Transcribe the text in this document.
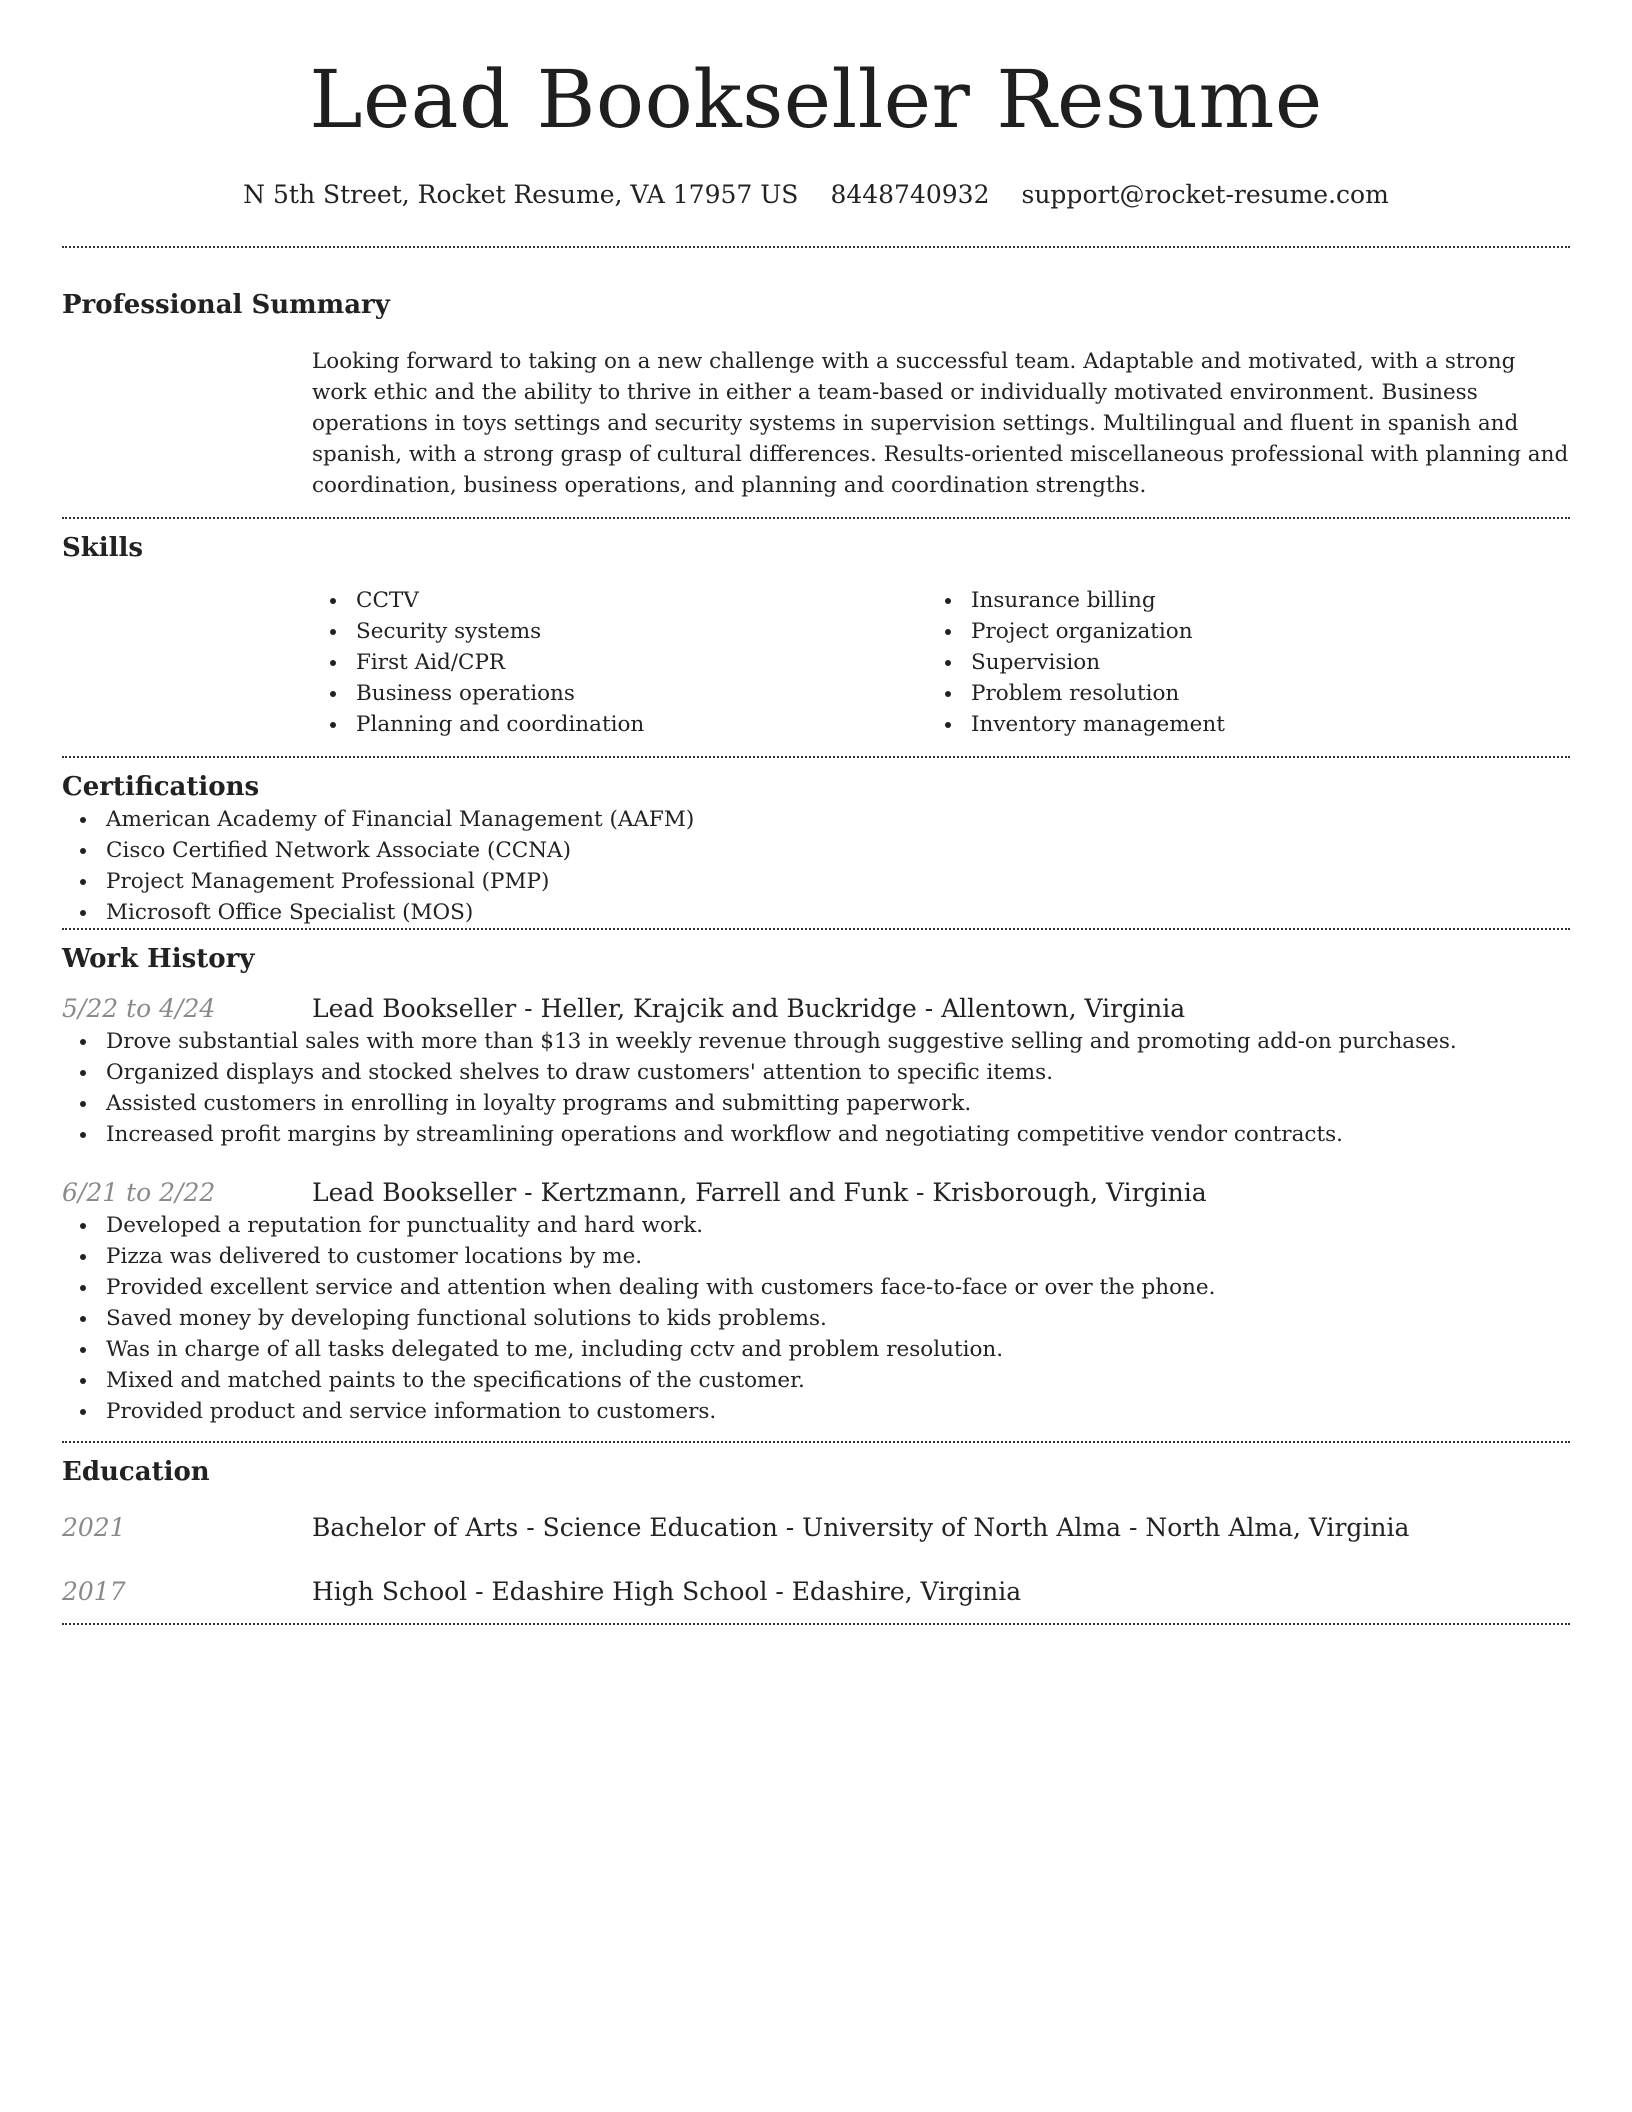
Lead Bookseller Resume
N 5th Street, Rocket Resume, VA 17957 US 8448740932 support@rocket-resume.com
Professional Summary

Looking forward to taking on a new challenge with a successful team. Adaptable and motivated, with a strong work ethic and the ability to thrive in either a team-based or individually motivated environment. Business operations in toys settings and security systems in supervision settings. Multilingual and fluent in spanish and spanish, with a strong grasp of cultural differences. Results-oriented miscellaneous professional with planning and coordination, business operations, and planning and coordination strengths.

Skills
CCTV
Security systems
First Aid/CPR
Business operations
Planning and coordination
Insurance billing
Project organization
Supervision
Problem resolution
Inventory management
Certifications
American Academy of Financial Management (AAFM)
Cisco Certified Network Associate (CCNA)
Project Management Professional (PMP)
Microsoft Office Specialist (MOS)
Work History
5/22 to 4/24	Lead Bookseller - Heller, Krajcik and Buckridge - Allentown, Virginia
Drove substantial sales with more than $13 in weekly revenue through suggestive selling and promoting add-on purchases.
Organized displays and stocked shelves to draw customers' attention to specific items.
Assisted customers in enrolling in loyalty programs and submitting paperwork.
Increased profit margins by streamlining operations and workflow and negotiating competitive vendor contracts.
6/21 to 2/22	Lead Bookseller - Kertzmann, Farrell and Funk - Krisborough, Virginia
Developed a reputation for punctuality and hard work.
Pizza was delivered to customer locations by me.
Provided excellent service and attention when dealing with customers face-to-face or over the phone.
Saved money by developing functional solutions to kids problems.
Was in charge of all tasks delegated to me, including cctv and problem resolution.
Mixed and matched paints to the specifications of the customer.
Provided product and service information to customers.
Education
2021	Bachelor of Arts - Science Education - University of North Alma - North Alma, Virginia
2017	High School - Edashire High School - Edashire, Virginia
